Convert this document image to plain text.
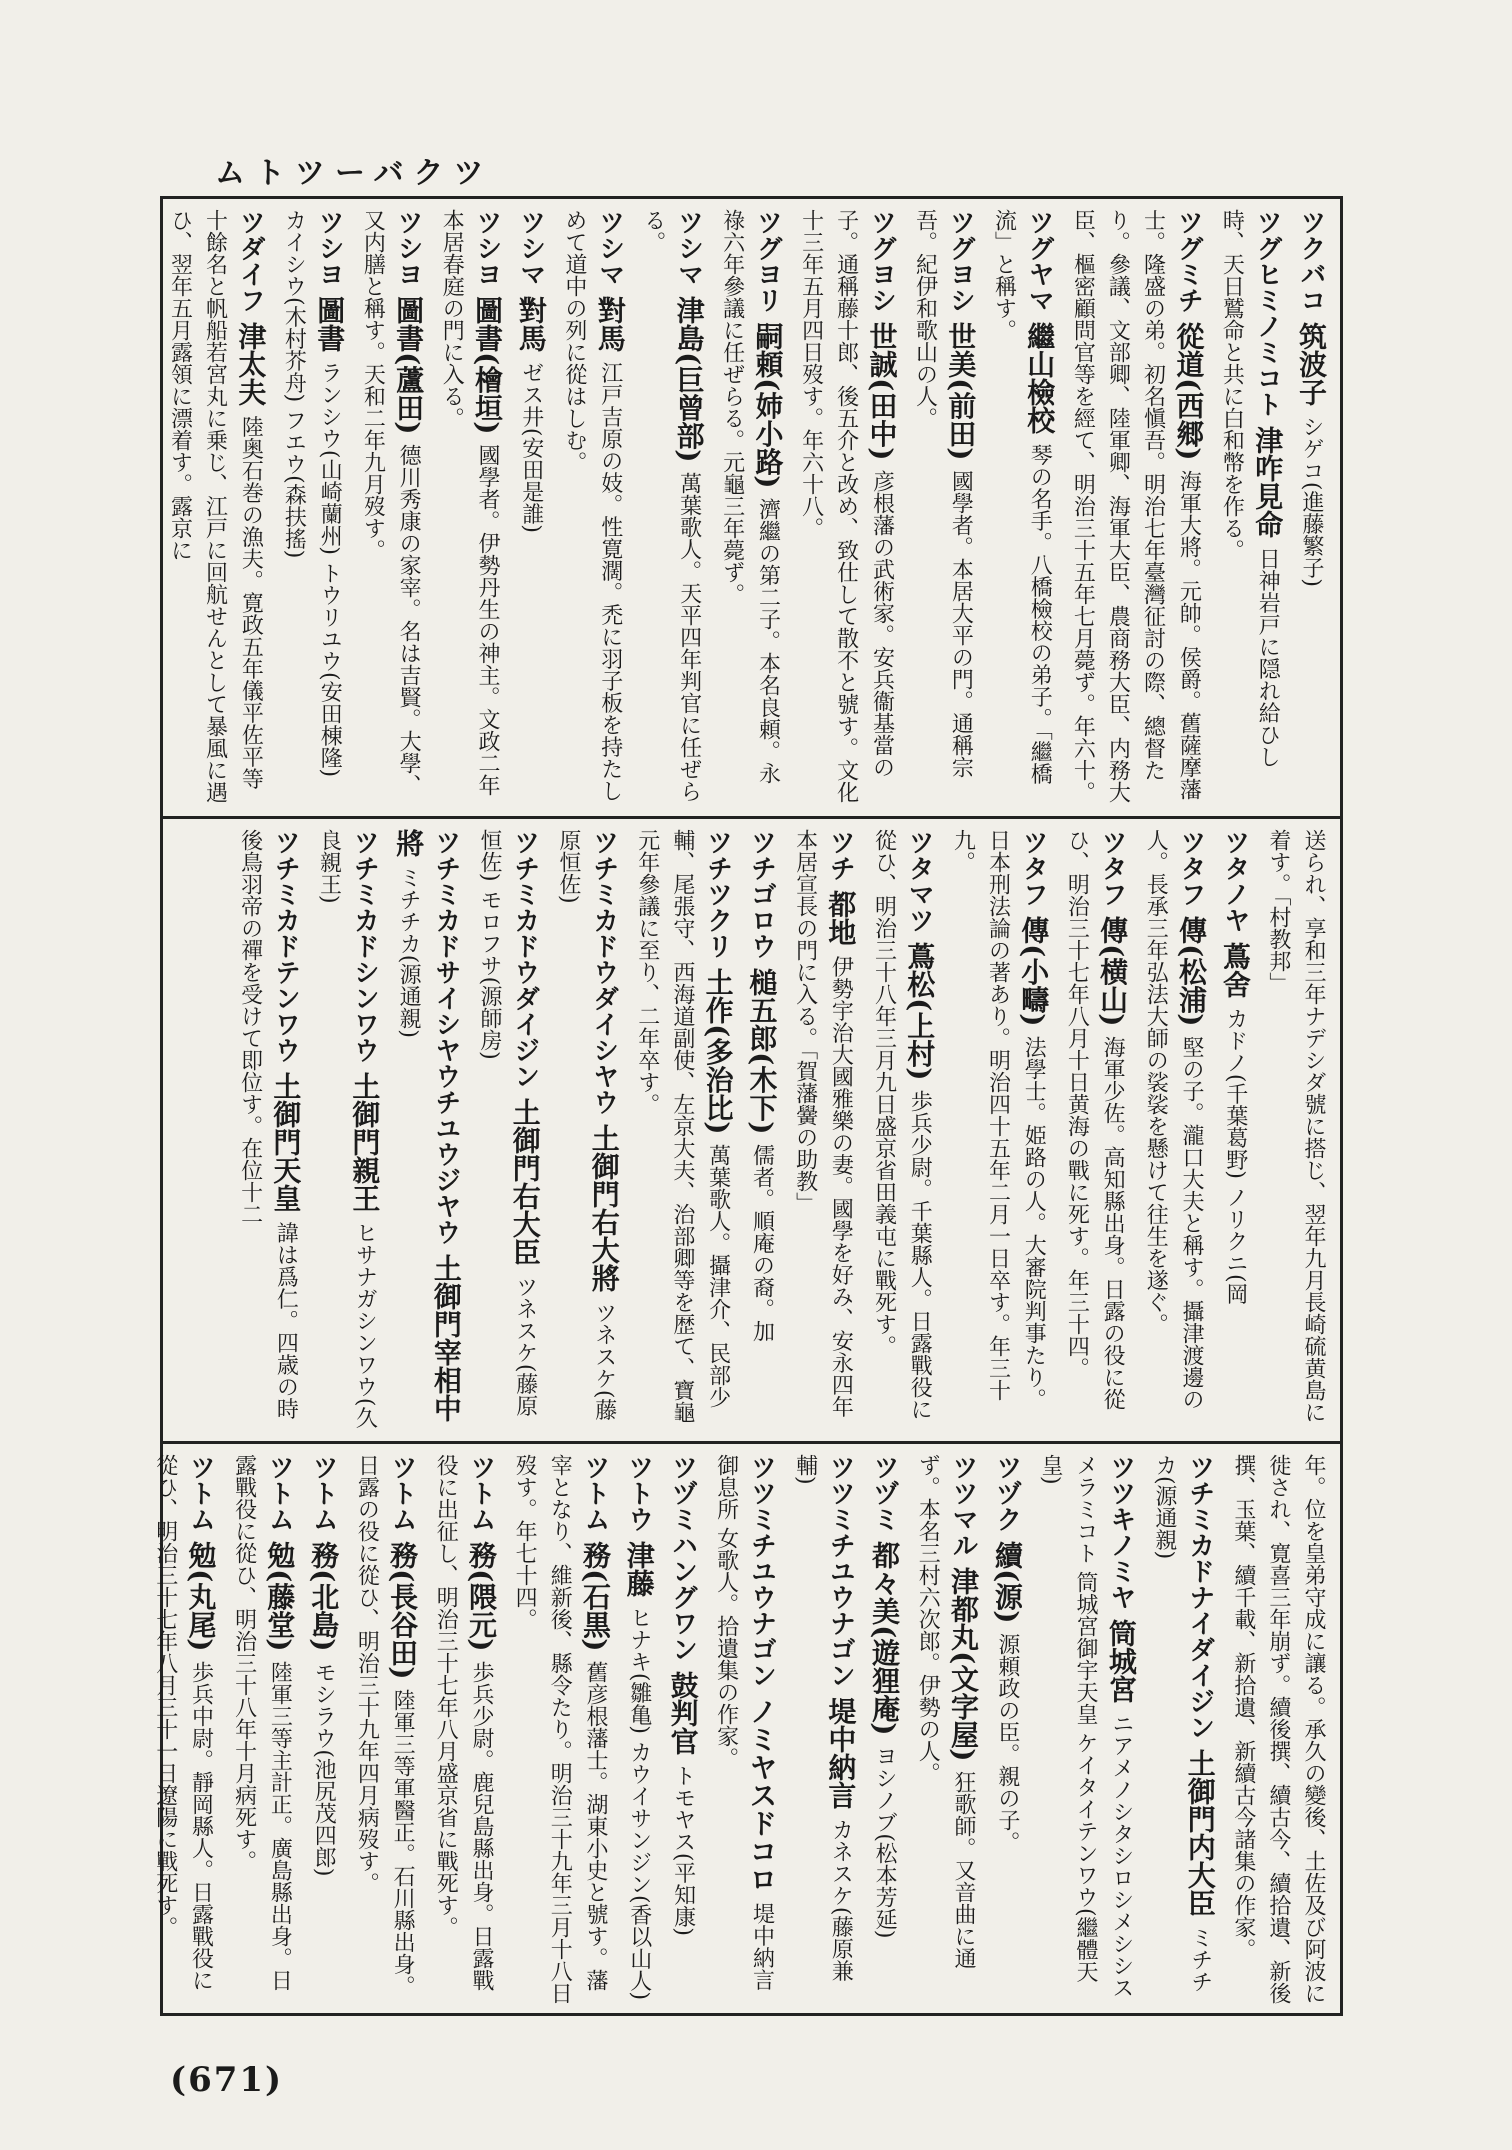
ツクバーツトム
ツクバコ 筑波子 シゲコ(進藤繁子)
ツグヒミノミコト 津咋見命 日神岩戸に隠れ給ひし時、天日鷲命と共に白和幣を作る。
ツグミチ 從道(西郷) 海軍大將。元帥。侯爵。舊薩摩藩士。隆盛の弟。初名愼吾。明治七年臺灣征討の際、總督たり。參議、文部卿、陸軍卿、海軍大臣、農商務大臣、内務大臣、樞密顧問官等を經て、明治三十五年七月薨ず。年六十。
ツグヤマ 繼山檢校 琴の名手。八橋檢校の弟子。「繼橋流」と稱す。
ツグヨシ 世美(前田) 國學者。本居大平の門。通稱宗吾。紀伊和歌山の人。
ツグヨシ 世誠(田中) 彦根藩の武術家。安兵衞基當の子。通稱藤十郎、後五介と改め、致仕して散不と號す。文化十三年五月四日歿す。年六十八。
ツグヨリ 嗣頼(姉小路) 濟繼の第二子。本名良頼。永祿六年參議に任ぜらる。元龜三年薨ず。
ツシマ 津島(巨曾部) 萬葉歌人。天平四年判官に任ぜらる。
ツシマ 對馬 江戸吉原の妓。性寛濶。禿に羽子板を持たしめて道中の列に從はしむ。
ツシマ 對馬 ゼス井(安田是誰)
ツシヨ 圖書(檜垣) 國學者。伊勢丹生の神主。文政二年本居春庭の門に入る。
ツシヨ 圖書(蘆田) 德川秀康の家宰。名は吉賢。大學、又内膳と稱す。天和二年九月歿す。
ツシヨ 圖書 ランシウ(山崎蘭州) トウリユウ(安田棟隆) カイシウ(木村芥舟) フエウ(森扶搖)
ツダイフ 津太夫 陸奥石巻の漁夫。寛政五年儀平佐平等十餘名と帆船若宮丸に乗じ、江戸に回航せんとして暴風に遇ひ、翌年五月露領に漂着す。露京に
送られ、享和三年ナデシダ號に搭じ、翌年九月長崎硫黄島に着す。「村教邦」
ツタノヤ 蔦舍 カドノ(千葉葛野) ノリクニ(岡
ツタフ 傳(松浦) 堅の子。瀧口大夫と稱す。攝津渡邊の人。長承三年弘法大師の裟裟を懸けて往生を遂ぐ。
ツタフ 傳(横山) 海軍少佐。高知縣出身。日露の役に從ひ、明治三十七年八月十日黄海の戰に死す。年三十四。
ツタフ 傳(小疇) 法學士。姫路の人。大審院判事たり。日本刑法論の著あり。明治四十五年二月一日卒す。年三十九。
ツタマツ 蔦松(上村) 歩兵少尉。千葉縣人。日露戰役に從ひ、明治三十八年三月九日盛京省田義屯に戰死す。
ツチ 都地 伊勢宇治大國雅樂の妻。國學を好み、安永四年本居宣長の門に入る。「賀藩黌の助教」
ツチゴロウ 槌五郎(木下) 儒者。順庵の裔。加
ツチツクリ 土作(多治比) 萬葉歌人。攝津介、民部少輔、尾張守、西海道副使、左京大夫、治部卿等を歴て、寶龜元年參議に至り、二年卒す。
ツチミカドウダイシヤウ 土御門右大將 ツネスケ(藤原恒佐)
ツチミカドウダイジン 土御門右大臣 ツネスケ(藤原恒佐) モロフサ(源師房)
ツチミカドサイシヤウチユウジヤウ 土御門宰相中將 ミチチカ(源通親)
ツチミカドシンワウ 土御門親王 ヒサナガシンワウ(久良親王)
ツチミカドテンワウ 土御門天皇 諱は爲仁。四歳の時後鳥羽帝の禪を受けて即位す。在位十二
年。位を皇弟守成に讓る。承久の變後、土佐及び阿波に徙され、寛喜三年崩ず。續後撰、續古今、續拾遺、新後撰、玉葉、續千載、新拾遺、新續古今諸集の作家。
ツチミカドナイダイジン 土御門内大臣 ミチチカ(源通親)
ツツキノミヤ 筒城宮 ニアメノシタシロシメシシスメラミコト 筒城宮御宇天皇 ケイタイテンワウ(繼體天皇)
ツヅク 續(源) 源頼政の臣。親の子。
ツツマル 津都丸(文字屋) 狂歌師。又音曲に通ず。本名三村六次郎。伊勢の人。
ツヅミ 都々美(遊狸庵) ヨシノブ(松本芳延)
ツツミチユウナゴン 堤中納言 カネスケ(藤原兼輔)
ツツミチユウナゴン ノミヤスドコロ 堤中納言御息所 女歌人。拾遺集の作家。
ツヅミハングワン 鼓判官 トモヤス(平知康)
ツトウ 津藤 ヒナキ(雛亀) カウイサンジン(香以山人)
ツトム 務(石黒) 舊彦根藩士。湖東小史と號す。藩宰となり、維新後、縣令たり。明治三十九年三月十八日歿す。年七十四。
ツトム 務(隈元) 歩兵少尉。鹿兒島縣出身。日露戰役に出征し、明治三十七年八月盛京省に戰死す。
ツトム 務(長谷田) 陸軍三等軍醫正。石川縣出身。日露の役に從ひ、明治三十九年四月病歿す。
ツトム 務(北島) モシラウ(池尻茂四郎)
ツトム 勉(藤堂) 陸軍三等主計正。廣島縣出身。日露戰役に從ひ、明治三十八年十月病死す。
ツトム 勉(丸尾) 歩兵中尉。靜岡縣人。日露戰役に從ひ、明治三十七年八月三十一日遼陽に戰死す。
(671)
